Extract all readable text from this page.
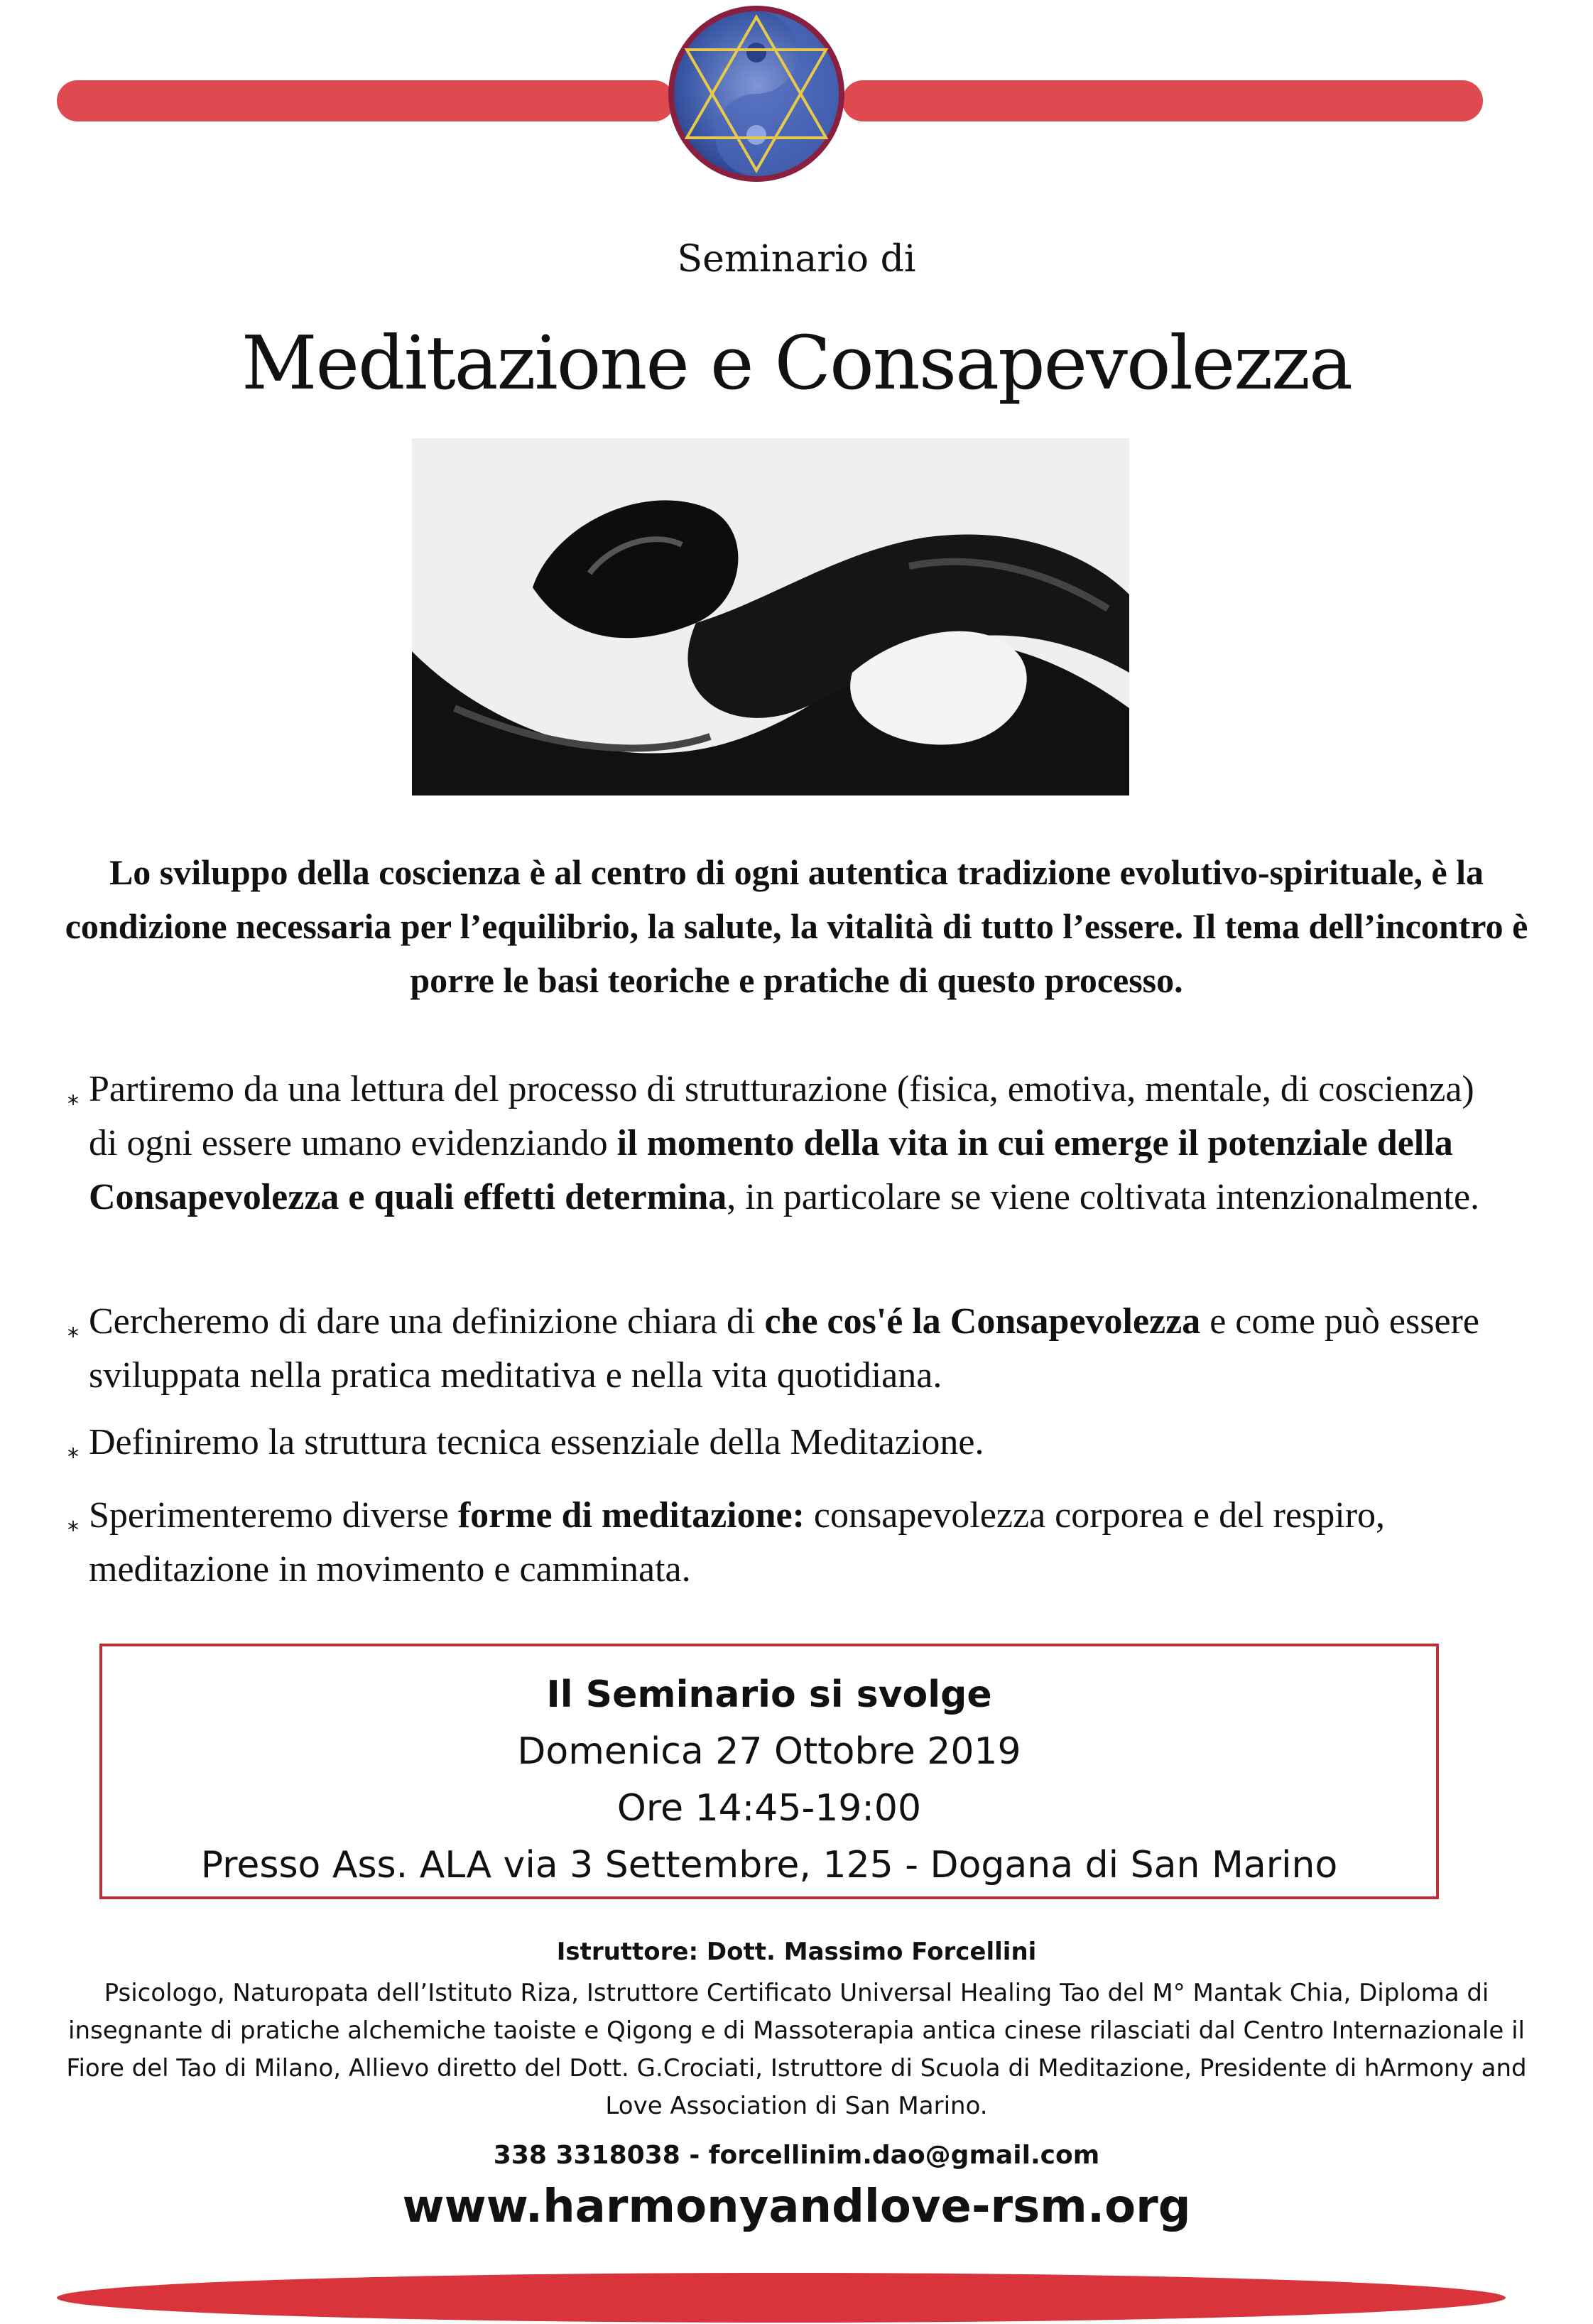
Seminario di
Meditazione e Consapevolezza
Lo sviluppo della coscienza è al centro di ogni autentica tradizione evolutivo-spirituale, è la condizione necessaria per l’equilibrio, la salute, la vitalità di tutto l’essere. Il tema dell’incontro è porre le basi teoriche e pratiche di questo processo.
⁎ Partiremo da una lettura del processo di strutturazione (fisica, emotiva, mentale, di coscienza) di ogni essere umano evidenziando il momento della vita in cui emerge il potenziale della Consapevolezza e quali effetti determina, in particolare se viene coltivata intenzionalmente.
⁎ Cercheremo di dare una definizione chiara di che cos'é la Consapevolezza e come può essere sviluppata nella pratica meditativa e nella vita quotidiana.
⁎ Definiremo la struttura tecnica essenziale della Meditazione.
⁎ Sperimenteremo diverse forme di meditazione: consapevolezza corporea e del respiro, meditazione in movimento e camminata.
Il Seminario si svolge
Domenica 27 Ottobre 2019
Ore 14:45-19:00
Presso Ass. ALA via 3 Settembre, 125 - Dogana di San Marino
Istruttore: Dott. Massimo Forcellini
Psicologo, Naturopata dell’Istituto Riza, Istruttore Certificato Universal Healing Tao del M° Mantak Chia, Diploma di insegnante di pratiche alchemiche taoiste e Qigong e di Massoterapia antica cinese rilasciati dal Centro Internazionale il Fiore del Tao di Milano, Allievo diretto del Dott. G.Crociati, Istruttore di Scuola di Meditazione, Presidente di hArmony and Love Association di San Marino.
338 3318038 - forcellinim.dao@gmail.com
www.harmonyandlove-rsm.org
